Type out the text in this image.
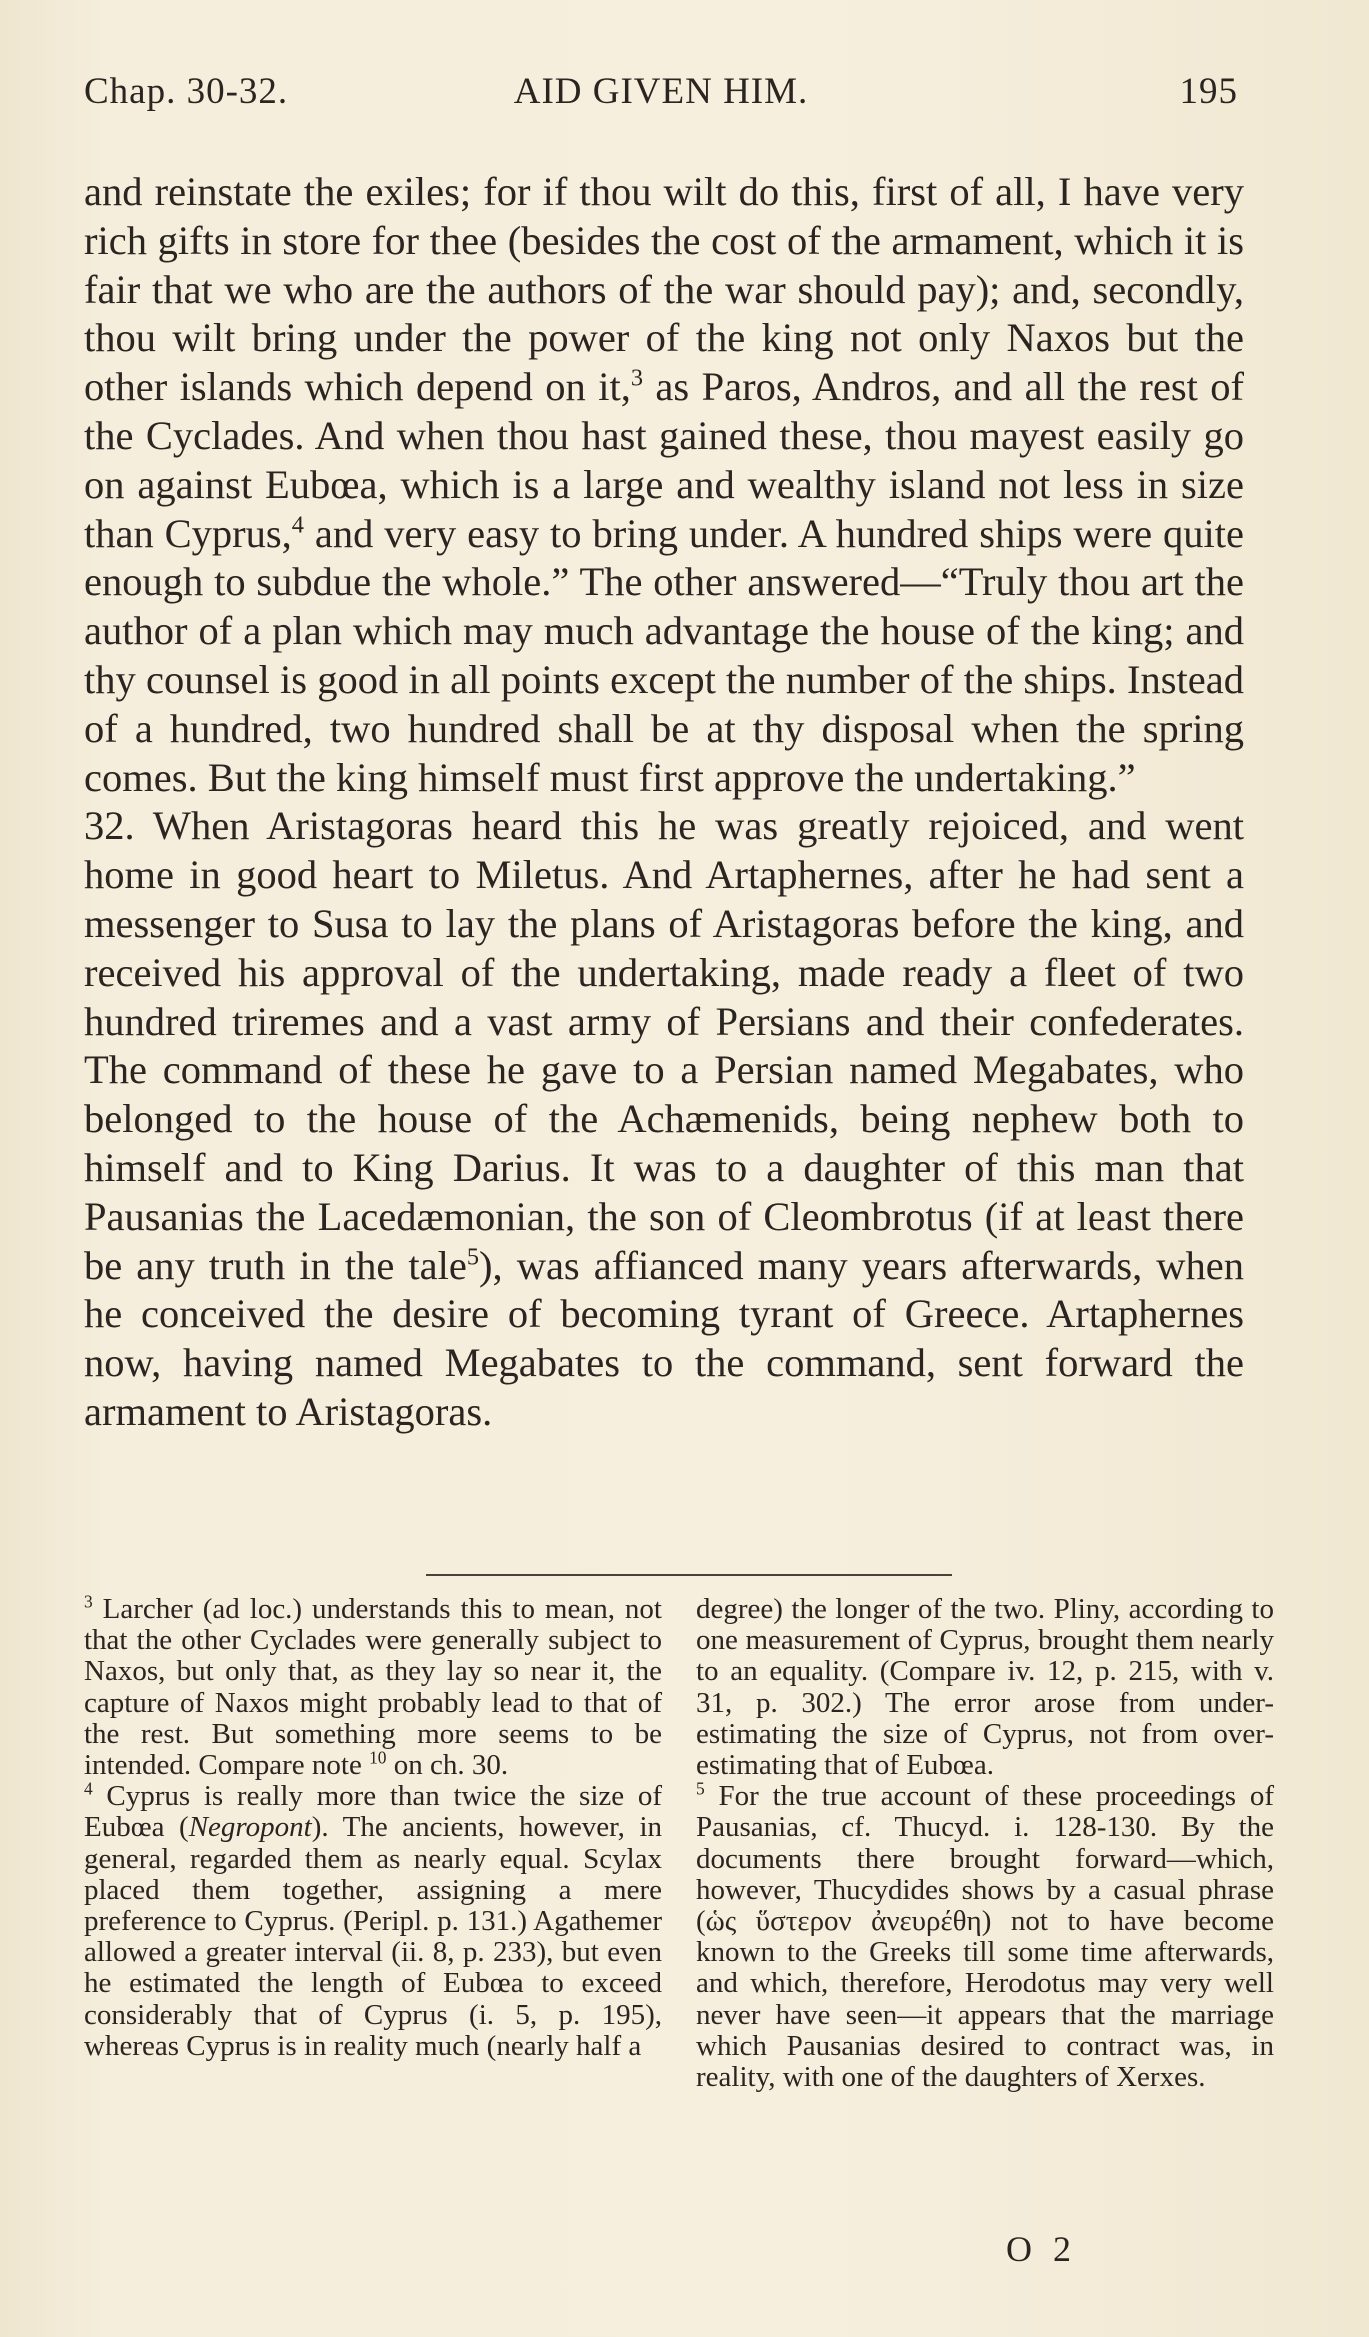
Chap. 30-32.	AID GIVEN HIM.	195

and reinstate the exiles; for if thou wilt do this, first of all, I have very rich gifts in store for thee (besides the cost of the armament, which it is fair that we who are the authors of the war should pay); and, secondly, thou wilt bring under the power of the king not only Naxos but the other islands which depend on it,$^3$ as Paros, Andros, and all the rest of the Cyclades. And when thou hast gained these, thou mayest easily go on against Eubœa, which is a large and wealthy island not less in size than Cyprus,$^4$ and very easy to bring under. A hundred ships were quite enough to subdue the whole.” The other answered—“Truly thou art the author of a plan which may much advantage the house of the king; and thy counsel is good in all points except the number of the ships. Instead of a hundred, two hundred shall be at thy disposal when the spring comes. But the king himself must first approve the undertaking.”

32. When Aristagoras heard this he was greatly rejoiced, and went home in good heart to Miletus. And Artaphernes, after he had sent a messenger to Susa to lay the plans of Aristagoras before the king, and received his approval of the undertaking, made ready a fleet of two hundred triremes and a vast army of Persians and their confederates. The command of these he gave to a Persian named Megabates, who belonged to the house of the Achæmenids, being nephew both to himself and to King Darius. It was to a daughter of this man that Pausanias the Lacedæmonian, the son of Cleombrotus (if at least there be any truth in the tale$^5$), was affianced many years afterwards, when he conceived the desire of becoming tyrant of Greece. Artaphernes now, having named Megabates to the command, sent forward the armament to Aristagoras.

$^3$ Larcher (ad loc.) understands this to mean, not that the other Cyclades were generally subject to Naxos, but only that, as they lay so near it, the capture of Naxos might probably lead to that of the rest. But something more seems to be intended. Compare note $^{10}$ on ch. 30.

$^4$ Cyprus is really more than twice the size of Eubœa (Negropont). The ancients, however, in general, regarded them as nearly equal. Scylax placed them together, assigning a mere preference to Cyprus. (Peripl. p. 131.) Agathemer allowed a greater interval (ii. 8, p. 233), but even he estimated the length of Eubœa to exceed considerably that of Cyprus (i. 5, p. 195), whereas Cyprus is in reality much (nearly half a

degree) the longer of the two. Pliny, according to one measurement of Cyprus, brought them nearly to an equality. (Compare iv. 12, p. 215, with v. 31, p. 302.) The error arose from under-estimating the size of Cyprus, not from over-estimating that of Eubœa.

$^5$ For the true account of these proceedings of Pausanias, cf. Thucyd. i. 128-130. By the documents there brought forward—which, however, Thucydides shows by a casual phrase (ὡς ὕστερον ἀνευρέθη) not to have become known to the Greeks till some time afterwards, and which, therefore, Herodotus may very well never have seen—it appears that the marriage which Pausanias desired to contract was, in reality, with one of the daughters of Xerxes.

O 2
